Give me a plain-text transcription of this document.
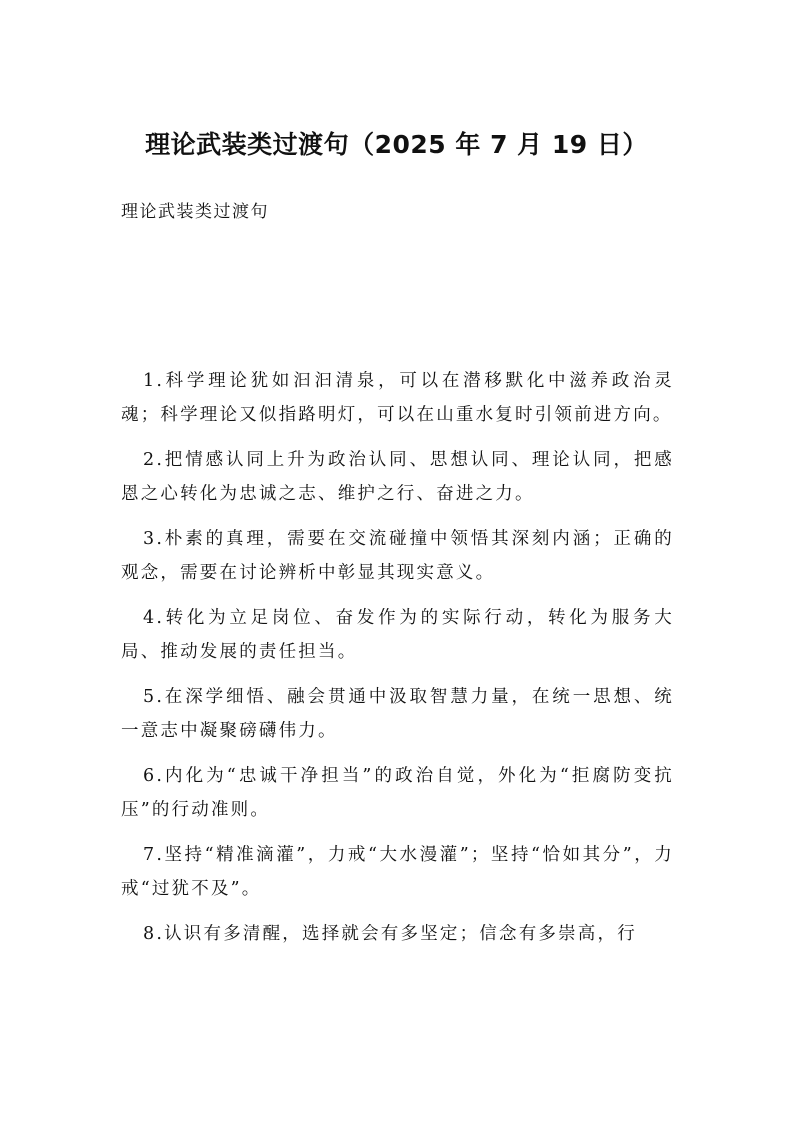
理论武装类过渡句（2025 年 7 月 19 日）

理论武装类过渡句

1.科学理论犹如汩汩清泉，可以在潜移默化中滋养政治灵魂；科学理论又似指路明灯，可以在山重水复时引领前进方向。

2.把情感认同上升为政治认同、思想认同、理论认同，把感恩之心转化为忠诚之志、维护之行、奋进之力。

3.朴素的真理，需要在交流碰撞中领悟其深刻内涵；正确的观念，需要在讨论辨析中彰显其现实意义。

4.转化为立足岗位、奋发作为的实际行动，转化为服务大局、推动发展的责任担当。

5.在深学细悟、融会贯通中汲取智慧力量，在统一思想、统一意志中凝聚磅礴伟力。

6.内化为“忠诚干净担当”的政治自觉，外化为“拒腐防变抗压”的行动准则。

7.坚持“精准滴灌”，力戒“大水漫灌”；坚持“恰如其分”，力戒“过犹不及”。

8.认识有多清醒，选择就会有多坚定；信念有多崇高，行
